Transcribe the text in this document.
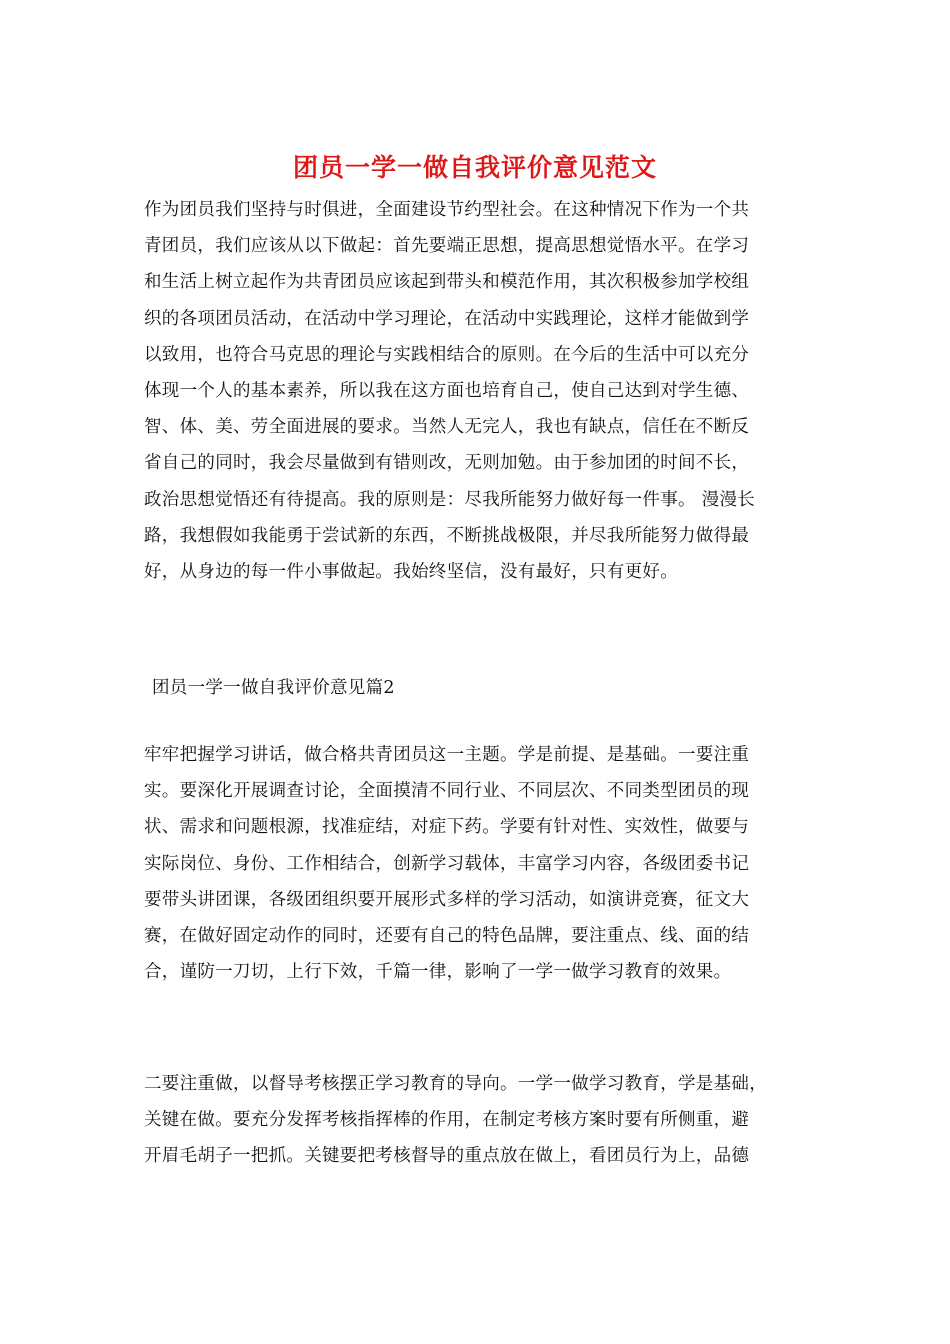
团员一学一做自我评价意见范文
作为团员我们坚持与时俱进，全面建设节约型社会。在这种情况下作为一个共
青团员，我们应该从以下做起：首先要端正思想，提高思想觉悟水平。在学习
和生活上树立起作为共青团员应该起到带头和模范作用，其次积极参加学校组
织的各项团员活动，在活动中学习理论，在活动中实践理论，这样才能做到学
以致用，也符合马克思的理论与实践相结合的原则。在今后的生活中可以充分
体现一个人的基本素养，所以我在这方面也培育自己，使自己达到对学生德、
智、体、美、劳全面进展的要求。当然人无完人，我也有缺点，信任在不断反
省自己的同时，我会尽量做到有错则改，无则加勉。由于参加团的时间不长，
政治思想觉悟还有待提高。我的原则是：尽我所能努力做好每一件事。 漫漫长
路，我想假如我能勇于尝试新的东西，不断挑战极限，并尽我所能努力做得最
好，从身边的每一件小事做起。我始终坚信，没有最好，只有更好。
团员一学一做自我评价意见篇2
牢牢把握学习讲话，做合格共青团员这一主题。学是前提、是基础。一要注重
实。要深化开展调查讨论，全面摸清不同行业、不同层次、不同类型团员的现
状、需求和问题根源，找准症结，对症下药。学要有针对性、实效性，做要与
实际岗位、身份、工作相结合，创新学习载体，丰富学习内容，各级团委书记
要带头讲团课，各级团组织要开展形式多样的学习活动，如演讲竞赛，征文大
赛，在做好固定动作的同时，还要有自己的特色品牌，要注重点、线、面的结
合，谨防一刀切，上行下效，千篇一律，影响了一学一做学习教育的效果。
二要注重做，以督导考核摆正学习教育的导向。一学一做学习教育，学是基础，
关键在做。要充分发挥考核指挥棒的作用，在制定考核方案时要有所侧重，避
开眉毛胡子一把抓。关键要把考核督导的重点放在做上，看团员行为上，品德
